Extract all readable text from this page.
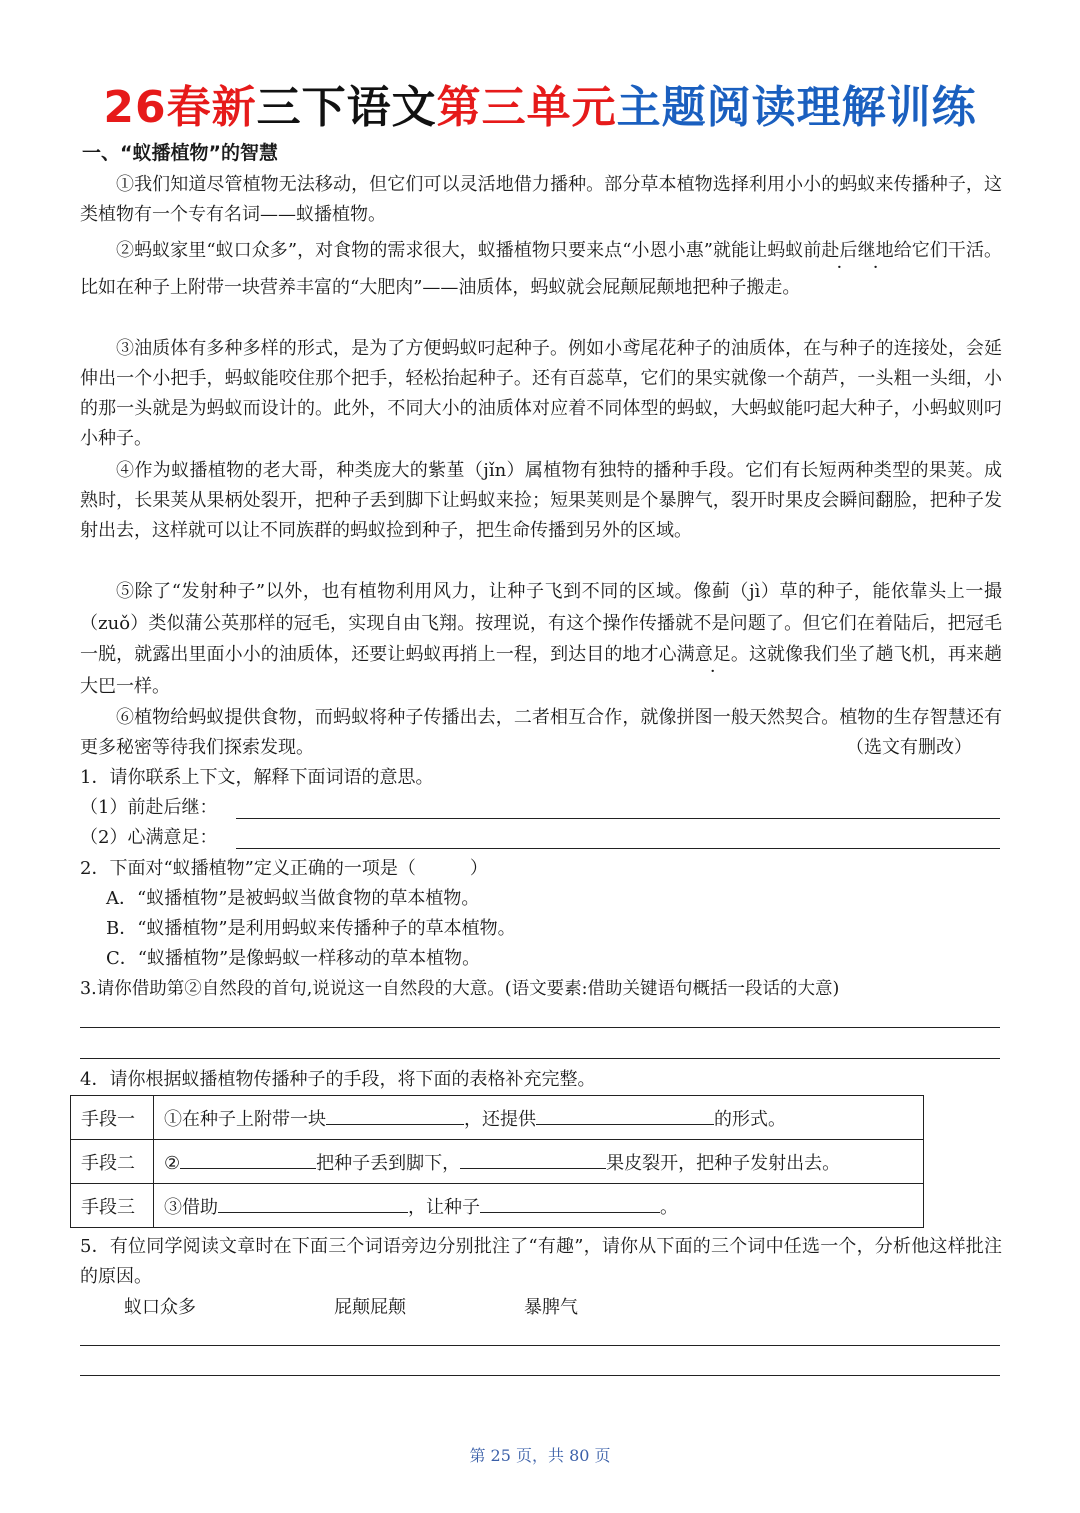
26春新三下语文第三单元主题阅读理解训练
一、“蚁播植物”的智慧
①我们知道尽管植物无法移动，但它们可以灵活地借力播种。部分草本植物选择利用小小的蚂蚁来传播种子，这类植物有一个专有名词——蚁播植物。
②蚂蚁家里“蚁口众多”，对食物的需求很大，蚁播植物只要来点“小恩小惠”就能让蚂蚁前赴后继地给它们干活。比如在种子上附带一块营养丰富的“大肥肉”——油质体，蚂蚁就会屁颠屁颠地把种子搬走。
③油质体有多种多样的形式，是为了方便蚂蚁叼起种子。例如小鸢尾花种子的油质体，在与种子的连接处，会延伸出一个小把手，蚂蚁能咬住那个把手，轻松抬起种子。还有百蕊草，它们的果实就像一个葫芦，一头粗一头细，小的那一头就是为蚂蚁而设计的。此外，不同大小的油质体对应着不同体型的蚂蚁，大蚂蚁能叼起大种子，小蚂蚁则叼小种子。
④作为蚁播植物的老大哥，种类庞大的紫堇（jǐn）属植物有独特的播种手段。它们有长短两种类型的果荚。成熟时，长果荚从果柄处裂开，把种子丢到脚下让蚂蚁来捡；短果荚则是个暴脾气，裂开时果皮会瞬间翻脸，把种子发射出去，这样就可以让不同族群的蚂蚁捡到种子，把生命传播到另外的区域。
⑤除了“发射种子”以外，也有植物利用风力，让种子飞到不同的区域。像蓟（jì）草的种子，能依靠头上一撮（zuǒ）类似蒲公英那样的冠毛，实现自由飞翔。按理说，有这个操作传播就不是问题了。但它们在着陆后，把冠毛一脱，就露出里面小小的油质体，还要让蚂蚁再捎上一程，到达目的地才心满意足。这就像我们坐了趟飞机，再来趟大巴一样。
⑥植物给蚂蚁提供食物，而蚂蚁将种子传播出去，二者相互合作，就像拼图一般天然契合。植物的生存智慧还有更多秘密等待我们探索发现。	（选文有删改）
1．请你联系上下文，解释下面词语的意思。
（1）前赴后继：
（2）心满意足：
2．下面对“蚁播植物”定义正确的一项是（　　　）
A．“蚁播植物”是被蚂蚁当做食物的草本植物。
B．“蚁播植物”是利用蚂蚁来传播种子的草本植物。
C．“蚁播植物”是像蚂蚁一样移动的草本植物。
3.请你借助第②自然段的首句,说说这一自然段的大意。(语文要素:借助关键语句概括一段话的大意)
4．请你根据蚁播植物传播种子的手段，将下面的表格补充完整。
手段一	①在种子上附带一块 ，还提供 的形式。
手段二	② 把种子丢到脚下， 果皮裂开，把种子发射出去。
手段三	③借助 ，让种子 。
5．有位同学阅读文章时在下面三个词语旁边分别批注了“有趣”，请你从下面的三个词中任选一个，分析他这样批注的原因。
蚁口众多	屁颠屁颠	暴脾气
第 25 页，共 80 页
